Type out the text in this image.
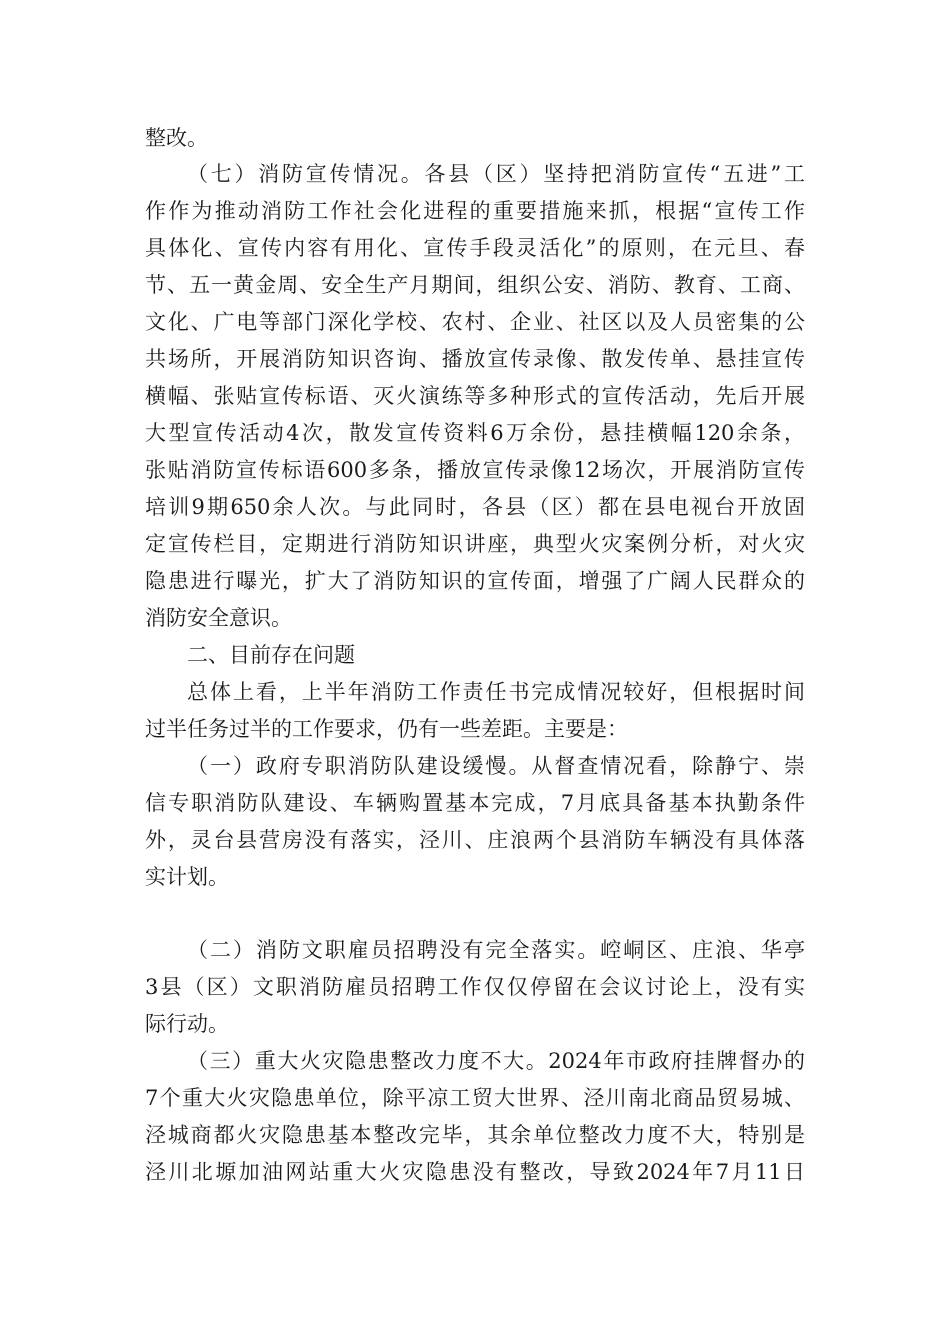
整改。
（七）消防宣传情况。各县（区）坚持把消防宣传“五进”工
作作为推动消防工作社会化进程的重要措施来抓，根据“宣传工作
具体化、宣传内容有用化、宣传手段灵活化”的原则，在元旦、春
节、五一黄金周、安全生产月期间，组织公安、消防、教育、工商、
文化、广电等部门深化学校、农村、企业、社区以及人员密集的公
共场所，开展消防知识咨询、播放宣传录像、散发传单、悬挂宣传
横幅、张贴宣传标语、灭火演练等多种形式的宣传活动，先后开展
大型宣传活动4次，散发宣传资料6万余份，悬挂横幅120余条，
张贴消防宣传标语600多条，播放宣传录像12场次，开展消防宣传
培训9期650余人次。与此同时，各县（区）都在县电视台开放固
定宣传栏目，定期进行消防知识讲座，典型火灾案例分析，对火灾
隐患进行曝光，扩大了消防知识的宣传面，增强了广阔人民群众的
消防安全意识。
二、目前存在问题
总体上看，上半年消防工作责任书完成情况较好，但根据时间
过半任务过半的工作要求，仍有一些差距。主要是：
（一）政府专职消防队建设缓慢。从督查情况看，除静宁、崇
信专职消防队建设、车辆购置基本完成，7月底具备基本执勤条件
外，灵台县营房没有落实，泾川、庄浪两个县消防车辆没有具体落
实计划。
（二）消防文职雇员招聘没有完全落实。崆峒区、庄浪、华亭
3县（区）文职消防雇员招聘工作仅仅停留在会议讨论上，没有实
际行动。
（三）重大火灾隐患整改力度不大。2024年市政府挂牌督办的
7个重大火灾隐患单位，除平凉工贸大世界、泾川南北商品贸易城、
泾城商都火灾隐患基本整改完毕，其余单位整改力度不大，特别是
泾川北塬加油网站重大火灾隐患没有整改，导致2024年7月11日
